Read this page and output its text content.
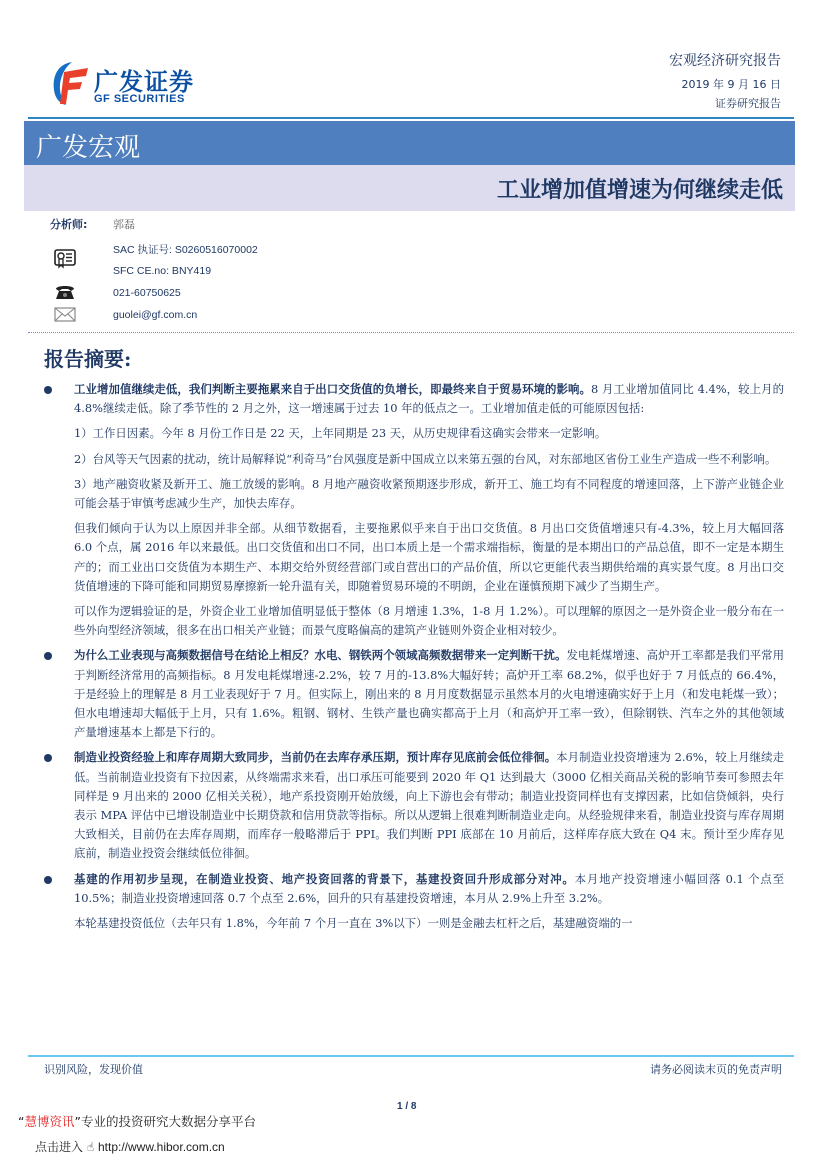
广发证券
GF SECURITIES
宏观经济研究报告
2019 年 9 月 16 日
证券研究报告
广发宏观
工业增加值增速为何继续走低
分析师: 郭磊
SAC 执证号: S0260516070002
SFC CE.no: BNY419
021-60750625
guolei@gf.com.cn
报告摘要:
工业增加值继续走低，我们判断主要拖累来自于出口交货值的负增长，即最终来自于贸易环境的影响。8 月工业增加值同比 4.4%，较上月的 4.8%继续走低。除了季节性的 2 月之外，这一增速属于过去 10 年的低点之一。工业增加值走低的可能原因包括:
1）工作日因素。今年 8 月份工作日是 22 天，上年同期是 23 天，从历史规律看这确实会带来一定影响。
2）台风等天气因素的扰动，统计局解释说“利奇马”台风强度是新中国成立以来第五强的台风，对东部地区省份工业生产造成一些不利影响。
3）地产融资收紧及新开工、施工放缓的影响。8 月地产融资收紧预期逐步形成，新开工、施工均有不同程度的增速回落，上下游产业链企业可能会基于审慎考虑减少生产，加快去库存。
但我们倾向于认为以上原因并非全部。从细节数据看，主要拖累似乎来自于出口交货值。8 月出口交货值增速只有-4.3%，较上月大幅回落 6.0 个点，属 2016 年以来最低。出口交货值和出口不同，出口本质上是一个需求端指标，衡量的是本期出口的产品总值，即不一定是本期生产的；而工业出口交货值为本期生产、本期交给外贸经营部门或自营出口的产品价值，所以它更能代表当期供给端的真实景气度。8 月出口交货值增速的下降可能和同期贸易摩擦新一轮升温有关，即随着贸易环境的不明朗，企业在谨慎预期下减少了当期生产。
可以作为逻辑验证的是，外资企业工业增加值明显低于整体（8 月增速 1.3%，1-8 月 1.2%）。可以理解的原因之一是外资企业一般分布在一些外向型经济领域，很多在出口相关产业链；而景气度略偏高的建筑产业链则外资企业相对较少。
为什么工业表现与高频数据信号在结论上相反？水电、钢铁两个领域高频数据带来一定判断干扰。发电耗煤增速、高炉开工率都是我们平常用于判断经济常用的高频指标。8 月发电耗煤增速-2.2%，较 7 月的-13.8%大幅好转；高炉开工率 68.2%，似乎也好于 7 月低点的 66.4%，于是经验上的理解是 8 月工业表现好于 7 月。但实际上，刚出来的 8 月月度数据显示虽然本月的火电增速确实好于上月（和发电耗煤一致）；但水电增速却大幅低于上月，只有 1.6%。粗钢、钢材、生铁产量也确实都高于上月（和高炉开工率一致），但除钢铁、汽车之外的其他领域产量增速基本上都是下行的。
制造业投资经验上和库存周期大致同步，当前仍在去库存承压期，预计库存见底前会低位徘徊。本月制造业投资增速为 2.6%，较上月继续走低。当前制造业投资有下拉因素，从终端需求来看，出口承压可能要到 2020 年 Q1 达到最大（3000 亿相关商品关税的影响节奏可参照去年同样是 9 月出来的 2000 亿相关关税），地产系投资刚开始放缓，向上下游也会有带动；制造业投资同样也有支撑因素，比如信贷倾斜，央行表示 MPA 评估中已增设制造业中长期贷款和信用贷款等指标。所以从逻辑上很难判断制造业走向。从经验规律来看，制造业投资与库存周期大致相关，目前仍在去库存周期，而库存一般略滞后于 PPI。我们判断 PPI 底部在 10 月前后，这样库存底大致在 Q4 末。预计至少库存见底前，制造业投资会继续低位徘徊。
基建的作用初步呈现，在制造业投资、地产投资回落的背景下，基建投资回升形成部分对冲。本月地产投资增速小幅回落 0.1 个点至 10.5%；制造业投资增速回落 0.7 个点至 2.6%，回升的只有基建投资增速，本月从 2.9%上升至 3.2%。
本轮基建投资低位（去年只有 1.8%，今年前 7 个月一直在 3%以下）一则是金融去杠杆之后，基建融资端的一
识别风险，发现价值	请务必阅读末页的免责声明
1 / 8
“慧博资讯”专业的投资研究大数据分享平台
点击进入 ☝ http://www.hibor.com.cn
